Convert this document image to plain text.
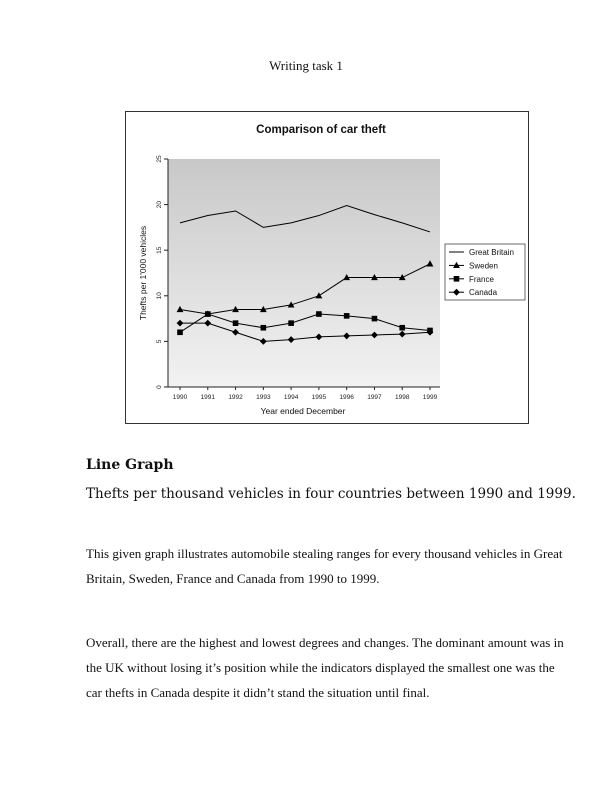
Writing task 1
Comparison of car theft
0
5
10
15
20
25
1990 1991 1992 1993 1994 1995 1996 1997 1998 1999
Great Britain
Sweden
France
Canada
Thefts per 1'000 vehicles
Year ended December
Line Graph
Thefts per thousand vehicles in four countries between 1990 and 1999.
This given graph illustrates automobile stealing ranges for every thousand vehicles in Great Britain, Sweden, France and Canada from 1990 to 1999.
Overall, there are the highest and lowest degrees and changes. The dominant amount was in the UK without losing it’s position while the indicators displayed the smallest one was the car thefts in Canada despite it didn’t stand the situation until final.
